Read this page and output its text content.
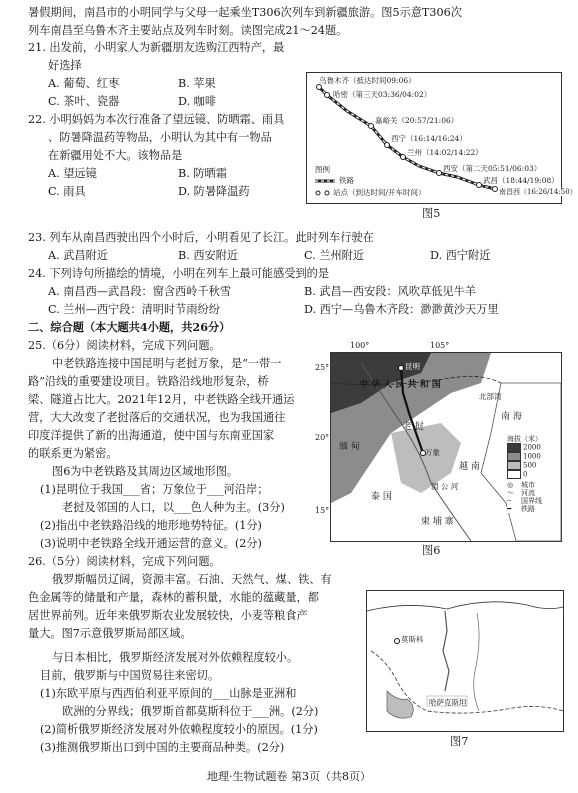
暑假期间，南昌市的小明同学与父母一起乘坐T306次列车到新疆旅游。图5示意T306次
列车南昌至乌鲁木齐主要站点及列车时刻。读图完成21～24题。
21. 出发前，小明家人为新疆朋友选购江西特产，最
好选择
A. 葡萄、红枣	B. 苹果
C. 茶叶、瓷器	D. 咖啡
22. 小明妈妈为本次行准备了望远镜、防晒霜、雨具
、防暑降温药等物品，小明认为其中有一物品
在新疆用处不大。该物品是
A. 望远镜	B. 防晒霜
C. 雨具	D. 防暑降温药
乌鲁木齐（抵达时间09:06）
哈密（第三天03:36/04:02）
嘉峪关（20:57/21:06）
西宁（16:14/16:24）
兰州（14:02/14:22）
西安（第二天05:51/06:03）
武昌（18:44/19:08）
南昌西（16:26/14:50）
图例
铁路
站点（到达时间/开车时间）
图5
23. 列车从南昌西驶出四个小时后，小明看见了长江。此时列车行驶在
A. 武昌附近	B. 西安附近	C. 兰州附近	D. 西宁附近
24. 下列诗句所描绘的情境，小明在列车上最可能感受到的是
A. 南昌西—武昌段：窗含西岭千秋雪	B. 武昌—西安段：风吹草低见牛羊
C. 兰州—西宁段：清明时节雨纷纷	D. 西宁—乌鲁木齐段：渺渺黄沙天万里
二、综合题（本大题共4小题，共26分）
25.（6分）阅读材料，完成下列问题。
中老铁路连接中国昆明与老挝万象，是“一带一
路”沿线的重要建设项目。铁路沿线地形复杂，桥
梁、隧道占比大。2021年12月，中老铁路全线开通运
营，大大改变了老挝落后的交通状况，也为我国通往
印度洋提供了新的出海通道，使中国与东南亚国家
的联系更为紧密。
图6为中老铁路及其周边区域地形图。
(1)昆明位于我国___省；万象位于___河沿岸；
老挝及邻国的人口，以___色人种为主。(3分)
(2)指出中老铁路沿线的地形地势特征。(1分)
(3)说明中老铁路全线开通运营的意义。(2分)
100°	105°
25°
20°
15°
昆明
中 华 人 民 共 和 国
老 挝
万象
缅 甸
泰 国
柬 埔 寨
越 南
南 海
北部湾
湄 公 河
海拔（米）
2000
1000
500
0
◎ 城市
～ 河流
┄ 国界线
━ 铁路
图6
26.（5分）阅读材料，完成下列问题。
俄罗斯幅员辽阔，资源丰富。石油、天然气、煤、铁、有
色金属等的储量和产量，森林的蓄积量，水能的蕴藏量，都
居世界前列。近年来俄罗斯农业发展较快，小麦等粮食产
量大。图7示意俄罗斯局部区域。
与日本相比，俄罗斯经济发展对外依赖程度较小。
目前，俄罗斯与中国贸易往来密切。
(1)东欧平原与西西伯利亚平原间的___山脉是亚洲和
欧洲的分界线；俄罗斯首都莫斯科位于___洲。(2分)
(2)简析俄罗斯经济发展对外依赖程度较小的原因。(1分)
(3)推测俄罗斯出口到中国的主要商品种类。(2分)
莫斯科
哈萨克斯坦
图7
地理·生物试题卷 第3页（共8页）
